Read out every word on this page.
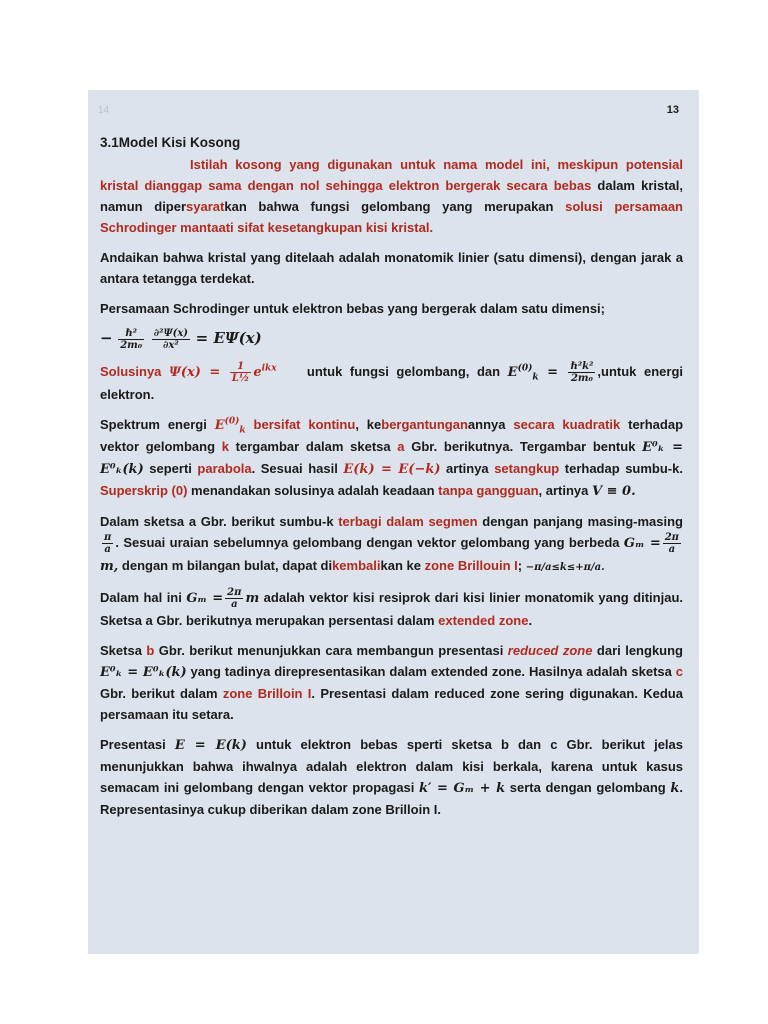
14	13
3.1Model Kisi Kosong

Istilah kosong yang digunakan untuk nama model ini, meskipun potensial kristal dianggap sama dengan nol sehingga elektron bergerak secara bebas dalam kristal, namun dipersyaratkan bahwa fungsi gelombang yang merupakan solusi persamaan Schrodinger mantaati sifat kesetangkupan kisi kristal.

Andaikan bahwa kristal yang ditelaah adalah monatomik linier (satu dimensi), dengan jarak a antara tetangga terdekat.

Persamaan Schrodinger untuk elektron bebas yang bergerak dalam satu dimensi;

− $\frac{\text{ℏ²}}{\text{2m₀}}$
$\frac{\text{∂²Ψ(x)}}{\text{∂x²}} = E\Psi(x)$

Solusinya $\Psi(x) = \frac{1}{\text{L½}} e^{ikx}$ untuk fungsi gelombang, dan $E^{(0)}_k = \frac{\text{ℏ²k²}}{\text{2m₀}}$ ,untuk energi elektron.

Spektrum energi $E^{(0)}_k$ bersifat kontinu, kebergantunganannya secara kuadratik terhadap vektor gelombang k tergambar dalam sketsa a Gbr. berikutnya. Tergambar bentuk E⁰ₖ = E⁰ₖ(k) seperti parabola. Sesuai hasil E(k) = E(−k) artinya setangkup terhadap sumbu-k. Superskrip (0) menandakan solusinya adalah keadaan tanpa gangguan, artinya V ≡ 0.

Dalam sketsa a Gbr. berikut sumbu-k terbagi dalam segmen dengan panjang masing-masing
$\frac{\pi}{a}$ . Sesuai uraian sebelumnya gelombang dengan vektor gelombang yang berbeda $G_m = \frac{2\pi}{a}$
m, dengan m bilangan bulat, dapat dikembalikan ke zone Brillouin I; −π/a≤k≤+π/a.

Dalam hal ini $G_m = \frac{2\pi}{a}$ m adalah vektor kisi resiprok dari kisi linier monatomik yang ditinjau. Sketsa a Gbr. berikutnya merupakan persentasi dalam extended zone.

Sketsa b Gbr. berikut menunjukkan cara membangun presentasi reduced zone dari lengkung E⁰ₖ = E⁰ₖ(k) yang tadinya direpresentasikan dalam extended zone. Hasilnya adalah sketsa c Gbr. berikut dalam zone Brilloin I. Presentasi dalam reduced zone sering digunakan. Kedua persamaan itu setara.

Presentasi E = E(k) untuk elektron bebas sperti sketsa b dan c Gbr. berikut jelas menunjukkan bahwa ihwalnya adalah elektron dalam kisi berkala, karena untuk kasus semacam ini gelombang dengan vektor propagasi k′ = Gₘ + k serta dengan gelombang k. Representasinya cukup diberikan dalam zone Brilloin I.
